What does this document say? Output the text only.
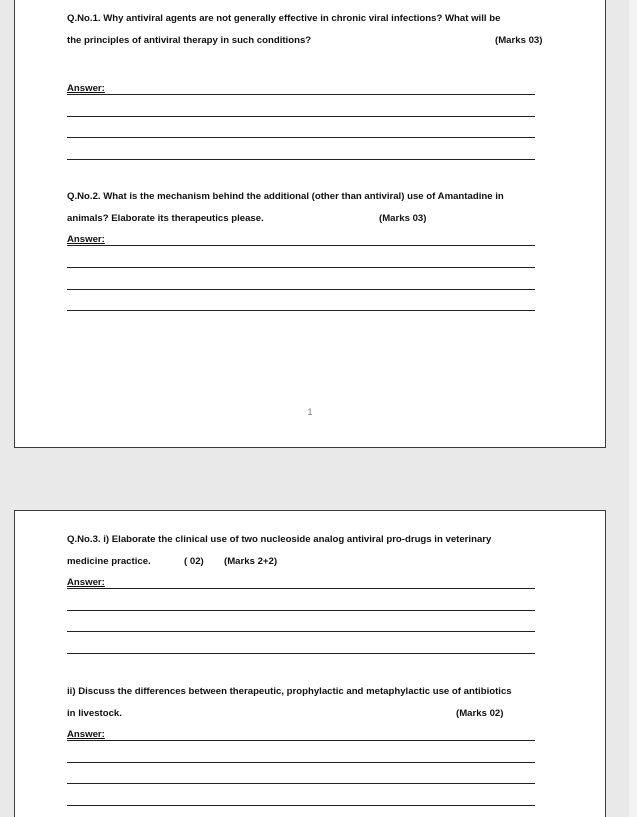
Q.No.1. Why antiviral agents are not generally effective in chronic viral infections? What will be
the principles of antiviral therapy in such conditions?	(Marks 03)
Answer:
Q.No.2. What is the mechanism behind the additional (other than antiviral) use of Amantadine in
animals? Elaborate its therapeutics please.	(Marks 03)
Answer:
1
Q.No.3. i) Elaborate the clinical use of two nucleoside analog antiviral pro-drugs in veterinary
medicine practice.	( 02) (Marks 2+2)
Answer:
ii) Discuss the differences between therapeutic, prophylactic and metaphylactic use of antibiotics
in livestock.	(Marks 02)
Answer:
